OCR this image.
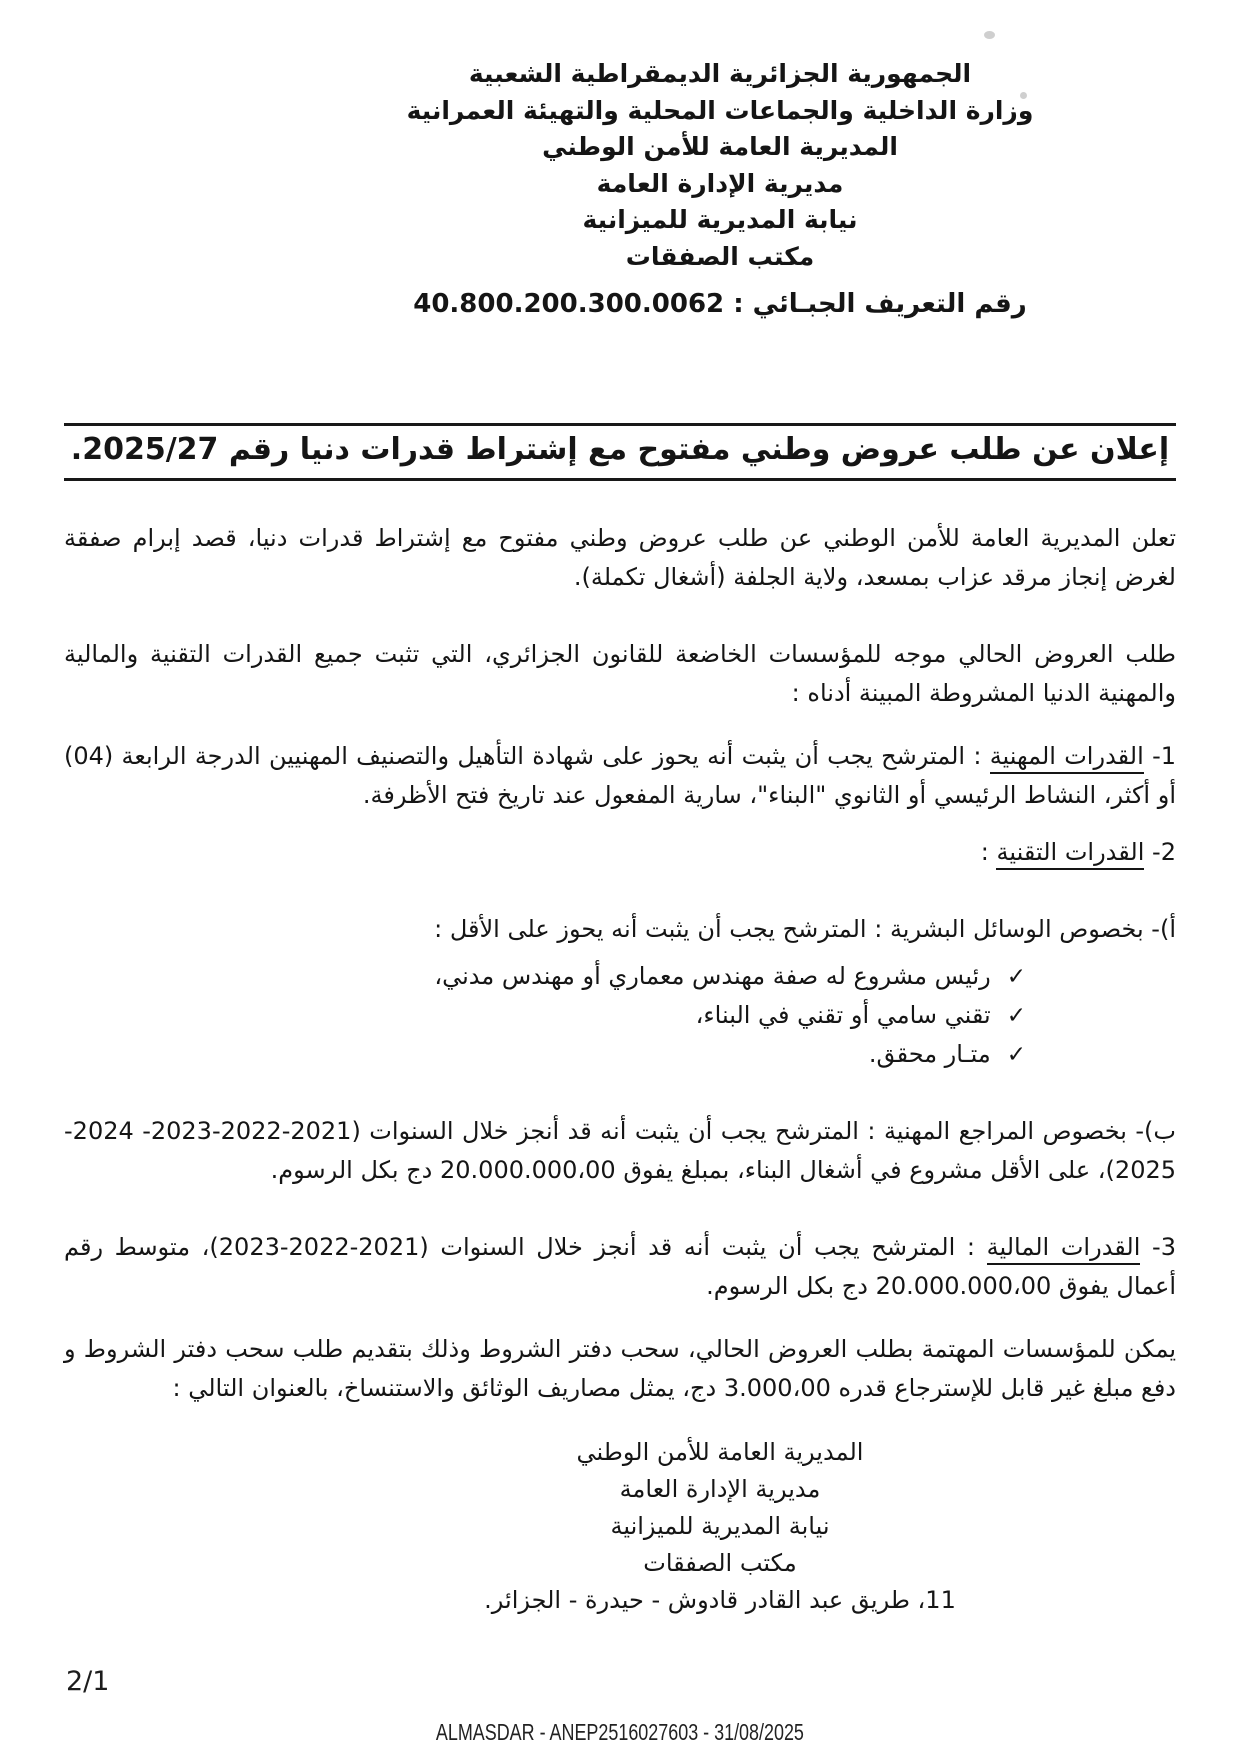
الجمهورية الجزائرية الديمقراطية الشعبية
وزارة الداخلية والجماعات المحلية والتهيئة العمرانية
المديرية العامة للأمن الوطني
مديرية الإدارة العامة
نيابة المديرية للميزانية
مكتب الصفقات
رقم التعريف الجبـائي : 40.800.200.300.0062
إعلان عن طلب عروض وطني مفتوح مع إشتراط قدرات دنيا رقم 2025/27.

تعلن المديرية العامة للأمن الوطني عن طلب عروض وطني مفتوح مع إشتراط قدرات دنيا، قصد إبرام صفقة لغرض إنجاز مرقد عزاب بمسعد، ولاية الجلفة (أشغال تكملة).

طلب العروض الحالي موجه للمؤسسات الخاضعة للقانون الجزائري، التي تثبت جميع القدرات التقنية والمالية والمهنية الدنيا المشروطة المبينة أدناه :

1- القدرات المهنية : المترشح يجب أن يثبت أنه يحوز على شهادة التأهيل والتصنيف المهنيين الدرجة الرابعة (04) أو أكثر، النشاط الرئيسي أو الثانوي "البناء"، سارية المفعول عند تاريخ فتح الأظرفة.

2- القدرات التقنية :

أ)- بخصوص الوسائل البشرية : المترشح يجب أن يثبت أنه يحوز على الأقل :

✓
رئيس مشروع له صفة مهندس معماري أو مهندس مدني،
✓
تقني سامي أو تقني في البناء،
✓
متـار محقق.

ب)- بخصوص المراجع المهنية : المترشح يجب أن يثبت أنه قد أنجز خلال السنوات (2021-2022-2023- 2024-2025)، على الأقل مشروع في أشغال البناء، بمبلغ يفوق 20.000.000،00 دج بكل الرسوم.

3- القدرات المالية : المترشح يجب أن يثبت أنه قد أنجز خلال السنوات (2021-2022-2023)، متوسط رقم أعمال يفوق 20.000.000،00 دج بكل الرسوم.

يمكن للمؤسسات المهتمة بطلب العروض الحالي، سحب دفتر الشروط وذلك بتقديم طلب سحب دفتر الشروط و دفع مبلغ غير قابل للإسترجاع قدره 3.000،00 دج، يمثل مصاريف الوثائق والاستنساخ، بالعنوان التالي :

المديرية العامة للأمن الوطني
مديرية الإدارة العامة
نيابة المديرية للميزانية
مكتب الصفقات
11، طريق عبد القادر قادوش - حيدرة - الجزائر.
2/1
ALMASDAR - ANEP2516027603 - 31/08/2025
